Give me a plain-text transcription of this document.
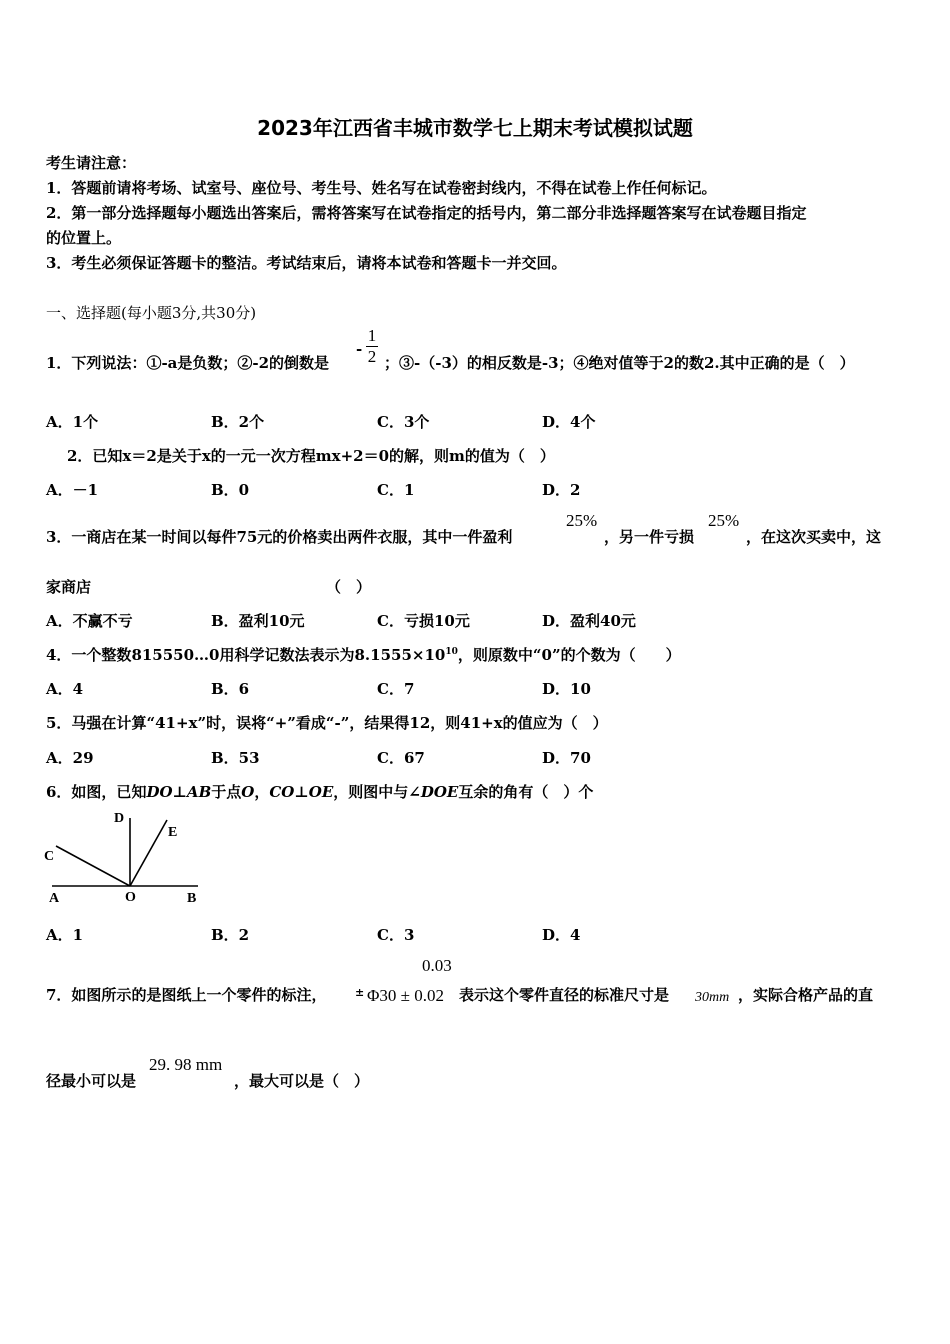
2023年江西省丰城市数学七上期末考试模拟试题
考生请注意：
1．答题前请将考场、试室号、座位号、考生号、姓名写在试卷密封线内，不得在试卷上作任何标记。
2．第一部分选择题每小题选出答案后，需将答案写在试卷指定的括号内，第二部分非选择题答案写在试卷题目指定
的位置上。
3．考生必须保证答题卡的整洁。考试结束后，请将本试卷和答题卡一并交回。
一、选择题(每小题3分,共30分)
1．下列说法：①-a是负数；②-2的倒数是
-
1
2 ；③-（-3）的相反数是-3；④绝对值等于2的数2.其中正确的是（　）
A．1个	B．2个	C．3个	D．4个
2．已知x＝2是关于x的一元一次方程mx+2＝0的解，则m的值为（　）
A．－1	B．0	C．1	D．2
3．一商店在某一时间以每件75元的价格卖出两件衣服，其中一件盈利
25%
，另一件亏损
25%
，在这次买卖中，这
家商店	（　）
A．不赢不亏	B．盈利10元	C．亏损10元	D．盈利40元
4．一个整数815550…0用科学记数法表示为$8.1555\times 10^{10}$，则原数中“0”的个数为（　　）
A．4	B．6	C．7	D．10
5．马强在计算“41+x”时，误将“+”看成“-”，结果得12，则41+x的值应为（　）
A．29	B．53	C．67	D．70
6．如图，已知DO⊥AB于点O，CO⊥OE，则图中与∠DOE互余的角有（　）个
D
E
C
A	O	B
A．1	B．2	C．3	D．4
0.03
7．如图所示的是图纸上一个零件的标注，	± Φ30 ± 0.02 表示这个零件直径的标准尺寸是 30mm ，实际合格产品的直
径最小可以是
29. 98 mm
，最大可以是（　）
